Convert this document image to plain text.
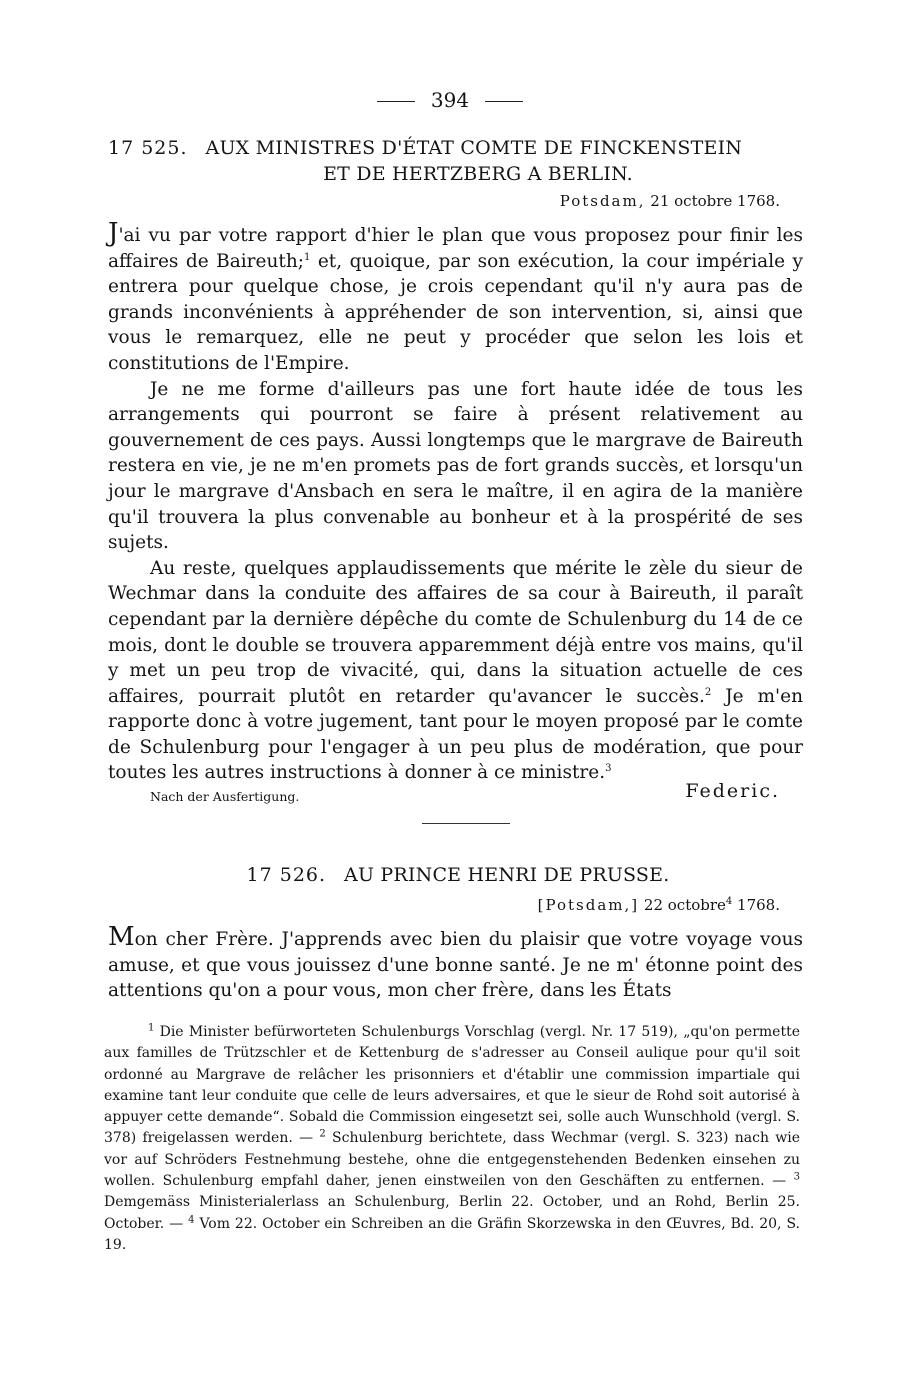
394
17 525. AUX MINISTRES D'ÉTAT COMTE DE FINCKENSTEIN
ET DE HERTZBERG A BERLIN.
Potsdam, 21 octobre 1768.

J'ai vu par votre rapport d'hier le plan que vous proposez pour finir les affaires de Baireuth;$^1$ et, quoique, par son exécution, la cour impériale y entrera pour quelque chose, je crois cependant qu'il n'y aura pas de grands inconvénients à appréhender de son intervention, si, ainsi que vous le remarquez, elle ne peut y procéder que selon les lois et constitutions de l'Empire.

Je ne me forme d'ailleurs pas une fort haute idée de tous les arrangements qui pourront se faire à présent relativement au gouvernement de ces pays. Aussi longtemps que le margrave de Baireuth restera en vie, je ne m'en promets pas de fort grands succès, et lorsqu'un jour le margrave d'Ansbach en sera le maître, il en agira de la manière qu'il trouvera la plus convenable au bonheur et à la prospérité de ses sujets.

Au reste, quelques applaudissements que mérite le zèle du sieur de Wechmar dans la conduite des affaires de sa cour à Baireuth, il paraît cependant par la dernière dépêche du comte de Schulenburg du 14 de ce mois, dont le double se trouvera apparemment déjà entre vos mains, qu'il y met un peu trop de vivacité, qui, dans la situation actuelle de ces affaires, pourrait plutôt en retarder qu'avancer le succès.$^2$ Je m'en rapporte donc à votre jugement, tant pour le moyen proposé par le comte de Schulenburg pour l'engager à un peu plus de modération, que pour toutes les autres instructions à donner à ce ministre.$^3$

Nach der Ausfertigung.	Federic.
17 526. AU PRINCE HENRI DE PRUSSE.
[Potsdam,] 22 octobre$^4$ 1768.

Mon cher Frère. J'apprends avec bien du plaisir que votre voyage vous amuse, et que vous jouissez d'une bonne santé. Je ne m' étonne point des attentions qu'on a pour vous, mon cher frère, dans les États

$^1$ Die Minister befürworteten Schulenburgs Vorschlag (vergl. Nr. 17 519), „qu'on permette aux familles de Trützschler et de Kettenburg de s'adresser au Conseil aulique pour qu'il soit ordonné au Margrave de relâcher les prisonniers et d'établir une commission impartiale qui examine tant leur conduite que celle de leurs adversaires, et que le sieur de Rohd soit autorisé à appuyer cette demande“. Sobald die Commission eingesetzt sei, solle auch Wunschhold (vergl. S. 378) freigelassen werden. — $^2$ Schulenburg berichtete, dass Wechmar (vergl. S. 323) nach wie vor auf Schröders Festnehmung bestehe, ohne die entgegenstehenden Bedenken einsehen zu wollen. Schulenburg empfahl daher, jenen einstweilen von den Geschäften zu entfernen. — $^3$ Demgemäss Ministerialerlass an Schulenburg, Berlin 22. October, und an Rohd, Berlin 25. October. — $^4$ Vom 22. October ein Schreiben an die Gräfin Skorzewska in den Œuvres, Bd. 20, S. 19.
